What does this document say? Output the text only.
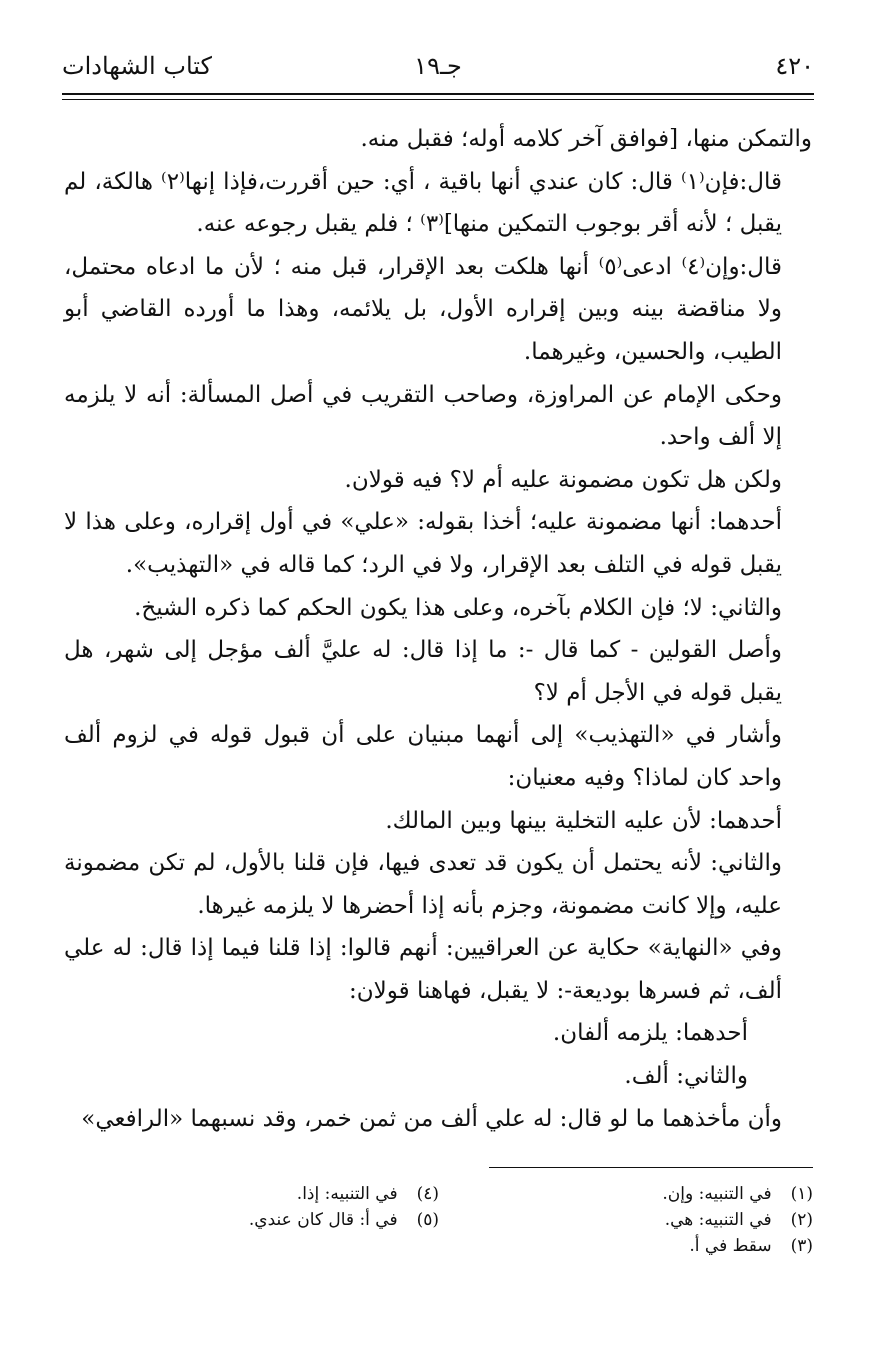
٤٢٠
جـ١٩
كتاب الشهادات

والتمكن منها، [فوافق آخر كلامه أوله؛ فقبل منه.

قال:فإن⁽١⁾ قال: كان عندي أنها باقية ، أي: حين أقررت،فإذا إنها⁽٢⁾ هالكة، لم يقبل ؛ لأنه أقر بوجوب التمكين منها]⁽٣⁾ ؛ فلم يقبل رجوعه عنه.

قال:وإن⁽٤⁾ ادعى⁽٥⁾ أنها هلكت بعد الإقرار، قبل منه ؛ لأن ما ادعاه محتمل، ولا مناقضة بينه وبين إقراره الأول، بل يلائمه، وهذا ما أورده القاضي أبو الطيب، والحسين، وغيرهما.

وحكى الإمام عن المراوزة، وصاحب التقريب في أصل المسألة: أنه لا يلزمه إلا ألف واحد.

ولكن هل تكون مضمونة عليه أم لا؟ فيه قولان.

أحدهما: أنها مضمونة عليه؛ أخذا بقوله: «علي» في أول إقراره، وعلى هذا لا يقبل قوله في التلف بعد الإقرار، ولا في الرد؛ كما قاله في «التهذيب».

والثاني: لا؛ فإن الكلام بآخره، وعلى هذا يكون الحكم كما ذكره الشيخ.

وأصل القولين - كما قال -: ما إذا قال: له عليَّ ألف مؤجل إلى شهر، هل يقبل قوله في الأجل أم لا؟

وأشار في «التهذيب» إلى أنهما مبنيان على أن قبول قوله في لزوم ألف واحد كان لماذا؟ وفيه معنيان:

أحدهما: لأن عليه التخلية بينها وبين المالك.

والثاني: لأنه يحتمل أن يكون قد تعدى فيها، فإن قلنا بالأول، لم تكن مضمونة عليه، وإلا كانت مضمونة، وجزم بأنه إذا أحضرها لا يلزمه غيرها.

وفي «النهاية» حكاية عن العراقيين: أنهم قالوا: إذا قلنا فيما إذا قال: له علي ألف، ثم فسرها بوديعة-: لا يقبل، فهاهنا قولان:

أحدهما: يلزمه ألفان.

والثاني: ألف.

وأن مأخذهما ما لو قال: له علي ألف من ثمن خمر، وقد نسبهما «الرافعي»

(١) في التنبيه: وإن.
(٢) في التنبيه: هي.
(٣) سقط في أ.
(٤) في التنبيه: إذا.
(٥) في أ: قال كان عندي.
